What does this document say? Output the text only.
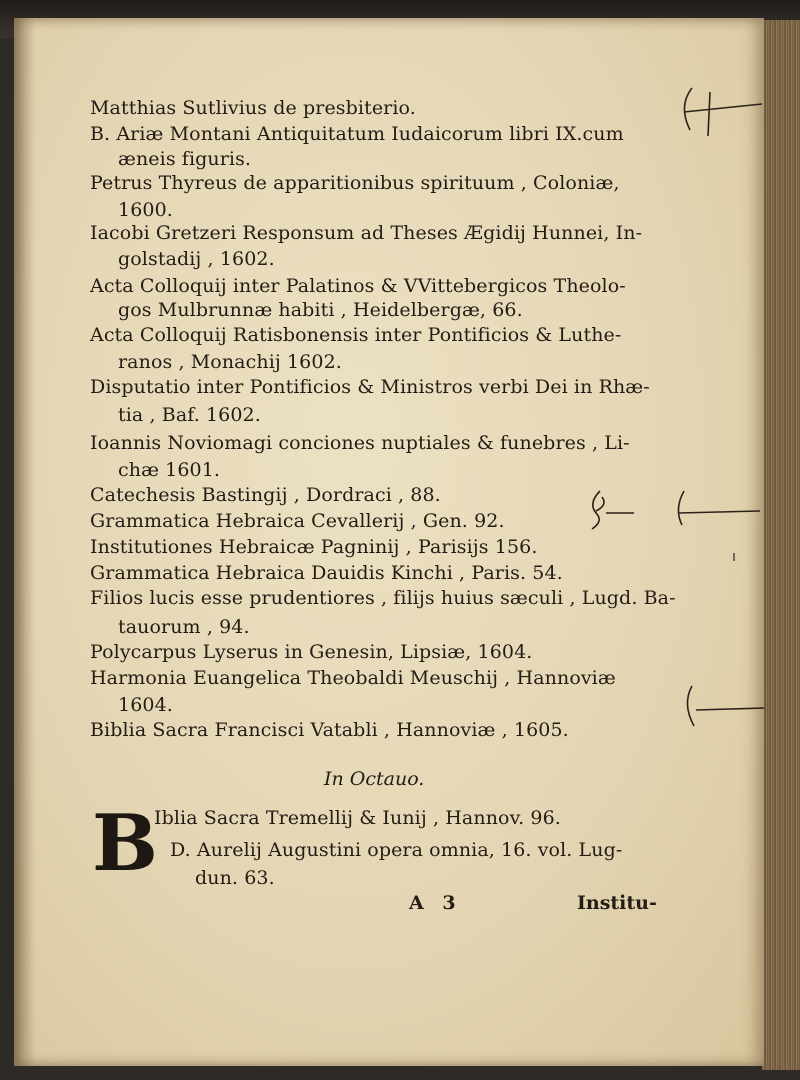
In Octauo.
B
Iblia Sacra Tremellij & Iunij , Hannov. 96.
D. Aurelij Augustini opera omnia, 16. vol. Lug-
dun. 63.
A 3	Institu-
Matthias Sutlivius de presbiterio.
B. Ariæ Montani Antiquitatum Iudaicorum libri IX.cum
æneis figuris.
Petrus Thyreus de apparitionibus spirituum , Coloniæ,
1600.
Iacobi Gretzeri Responsum ad Theses Ægidij Hunnei, In-
golstadij , 1602.
Acta Colloquij inter Palatinos & VVittebergicos Theolo-
gos Mulbrunnæ habiti , Heidelbergæ, 66.
Acta Colloquij Ratisbonensis inter Pontificios & Luthe-
ranos , Monachij 1602.
Disputatio inter Pontificios & Ministros verbi Dei in Rhæ-
tia , Baf. 1602.
Ioannis Noviomagi conciones nuptiales & funebres , Li-
chæ 1601.
Catechesis Bastingij , Dordraci , 88.
Grammatica Hebraica Cevallerij , Gen. 92.
Institutiones Hebraicæ Pagninij , Parisijs 156.
Grammatica Hebraica Dauidis Kinchi , Paris. 54.
Filios lucis esse prudentiores , filijs huius sæculi , Lugd. Ba-
tauorum , 94.
Polycarpus Lyserus in Genesin, Lipsiæ, 1604.
Harmonia Euangelica Theobaldi Meuschij , Hannoviæ
1604.
Biblia Sacra Francisci Vatabli , Hannoviæ , 1605.
